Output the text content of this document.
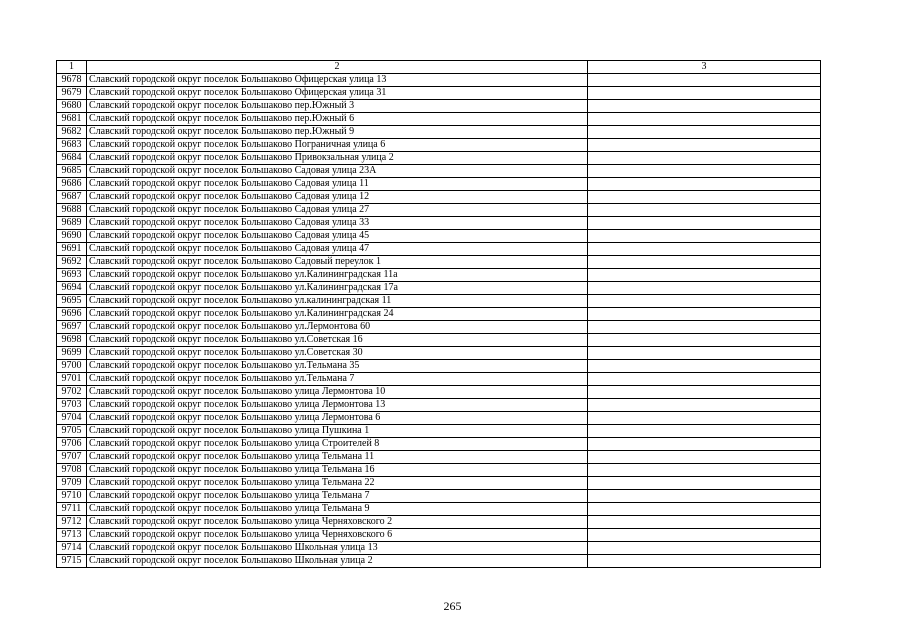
1	2	3
9678	Славский городской округ поселок Большаково Офицерская улица 13	
9679	Славский городской округ поселок Большаково Офицерская улица 31	
9680	Славский городской округ поселок Большаково пер.Южный 3	
9681	Славский городской округ поселок Большаково пер.Южный 6	
9682	Славский городской округ поселок Большаково пер.Южный 9	
9683	Славский городской округ поселок Большаково Пограничная улица 6	
9684	Славский городской округ поселок Большаково Привокзальная улица 2	
9685	Славский городской округ поселок Большаково Садовая улица 23А	
9686	Славский городской округ поселок Большаково Садовая улица 11	
9687	Славский городской округ поселок Большаково Садовая улица 12	
9688	Славский городской округ поселок Большаково Садовая улица 27	
9689	Славский городской округ поселок Большаково Садовая улица 33	
9690	Славский городской округ поселок Большаково Садовая улица 45	
9691	Славский городской округ поселок Большаково Садовая улица 47	
9692	Славский городской округ поселок Большаково Садовый переулок 1	
9693	Славский городской округ поселок Большаково ул.Калининградская 11а	
9694	Славский городской округ поселок Большаково ул.Калининградская 17а	
9695	Славский городской округ поселок Большаково ул.калининградская 11	
9696	Славский городской округ поселок Большаково ул.Калининградская 24	
9697	Славский городской округ поселок Большаково ул.Лермонтова 60	
9698	Славский городской округ поселок Большаково ул.Советская 16	
9699	Славский городской округ поселок Большаково ул.Советская 30	
9700	Славский городской округ поселок Большаково ул.Тельмана 35	
9701	Славский городской округ поселок Большаково ул.Тельмана 7	
9702	Славский городской округ поселок Большаково улица Лермонтова 10	
9703	Славский городской округ поселок Большаково улица Лермонтова 13	
9704	Славский городской округ поселок Большаково улица Лермонтова 6	
9705	Славский городской округ поселок Большаково улица Пушкина 1	
9706	Славский городской округ поселок Большаково улица Строителей 8	
9707	Славский городской округ поселок Большаково улица Тельмана 11	
9708	Славский городской округ поселок Большаково улица Тельмана 16	
9709	Славский городской округ поселок Большаково улица Тельмана 22	
9710	Славский городской округ поселок Большаково улица Тельмана 7	
9711	Славский городской округ поселок Большаково улица Тельмана 9	
9712	Славский городской округ поселок Большаково улица Черняховского 2	
9713	Славский городской округ поселок Большаково улица Черняховского 6	
9714	Славский городской округ поселок Большаково Школьная улица 13	
9715	Славский городской округ поселок Большаково Школьная улица 2	
265
